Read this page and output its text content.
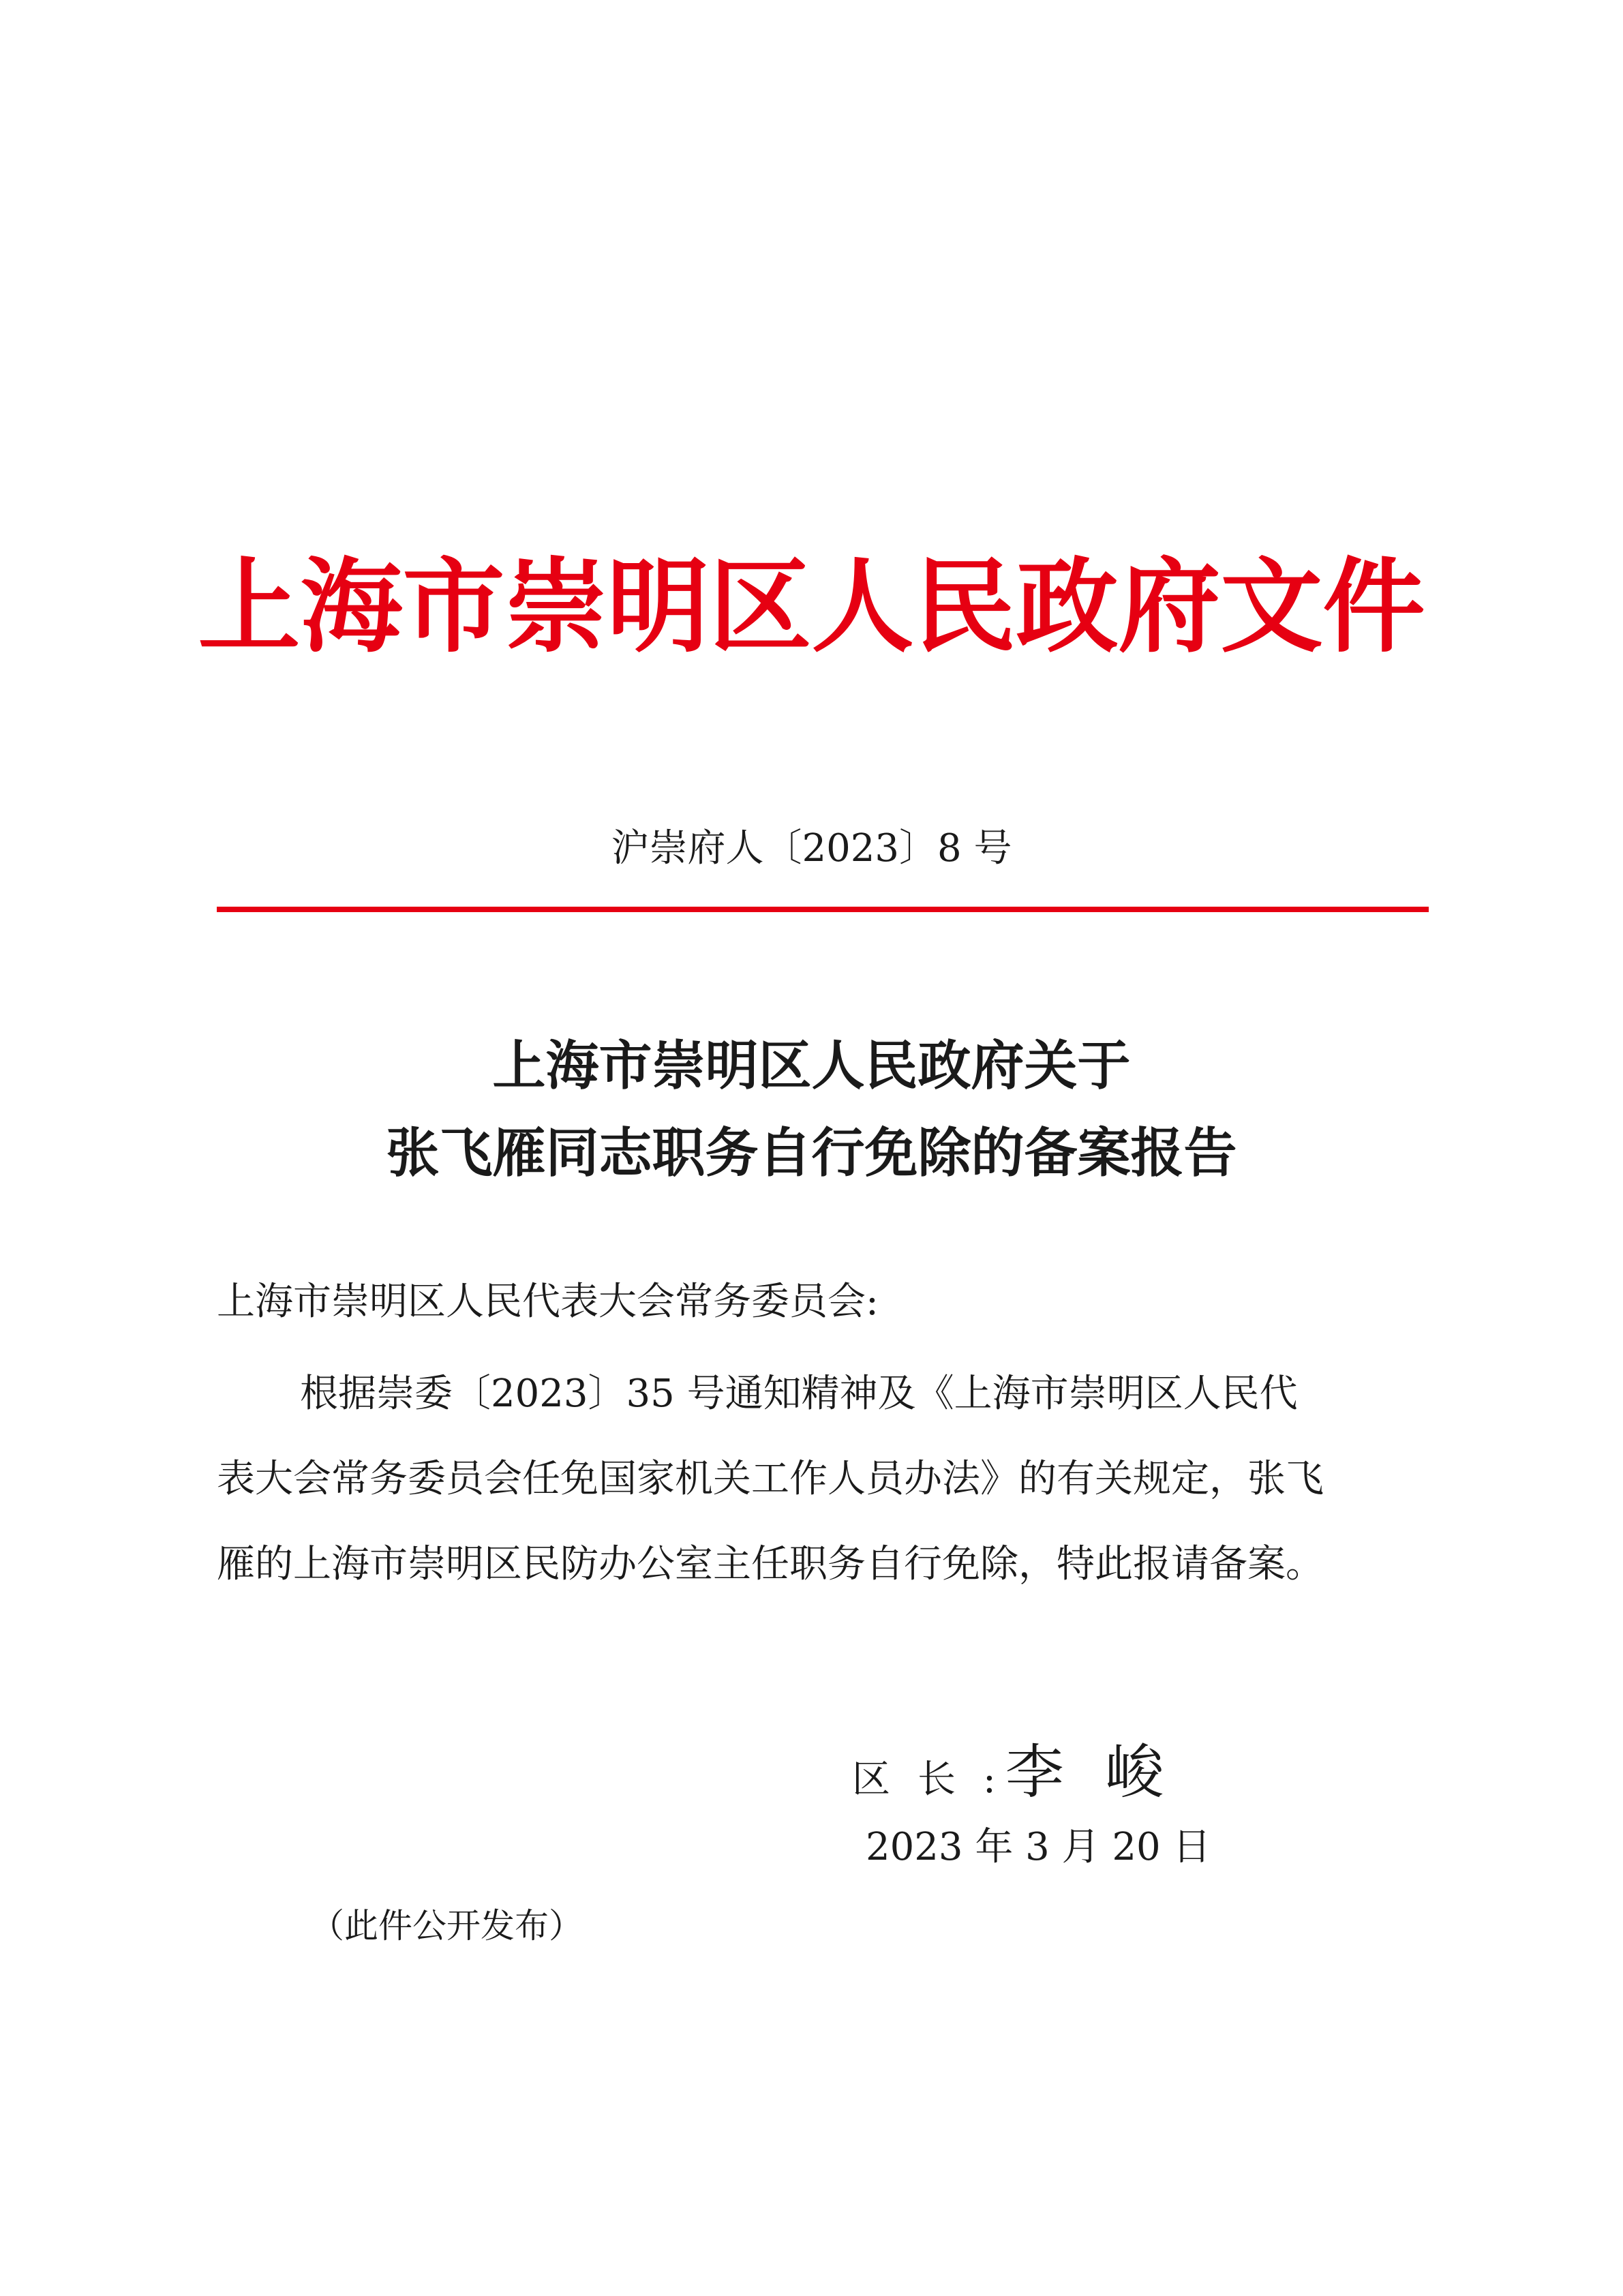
上海市崇明区人民政府文件
沪崇府人〔2023〕8 号
上海市崇明区人民政府关于
张飞雁同志职务自行免除的备案报告
上海市崇明区人民代表大会常务委员会:
根据崇委〔2023〕35 号通知精神及《上海市崇明区人民代
表大会常务委员会任免国家机关工作人员办法》的有关规定，张飞
雁的上海市崇明区民防办公室主任职务自行免除，特此报请备案。
区长: 李峻
2023 年 3 月 20 日
（此件公开发布）
